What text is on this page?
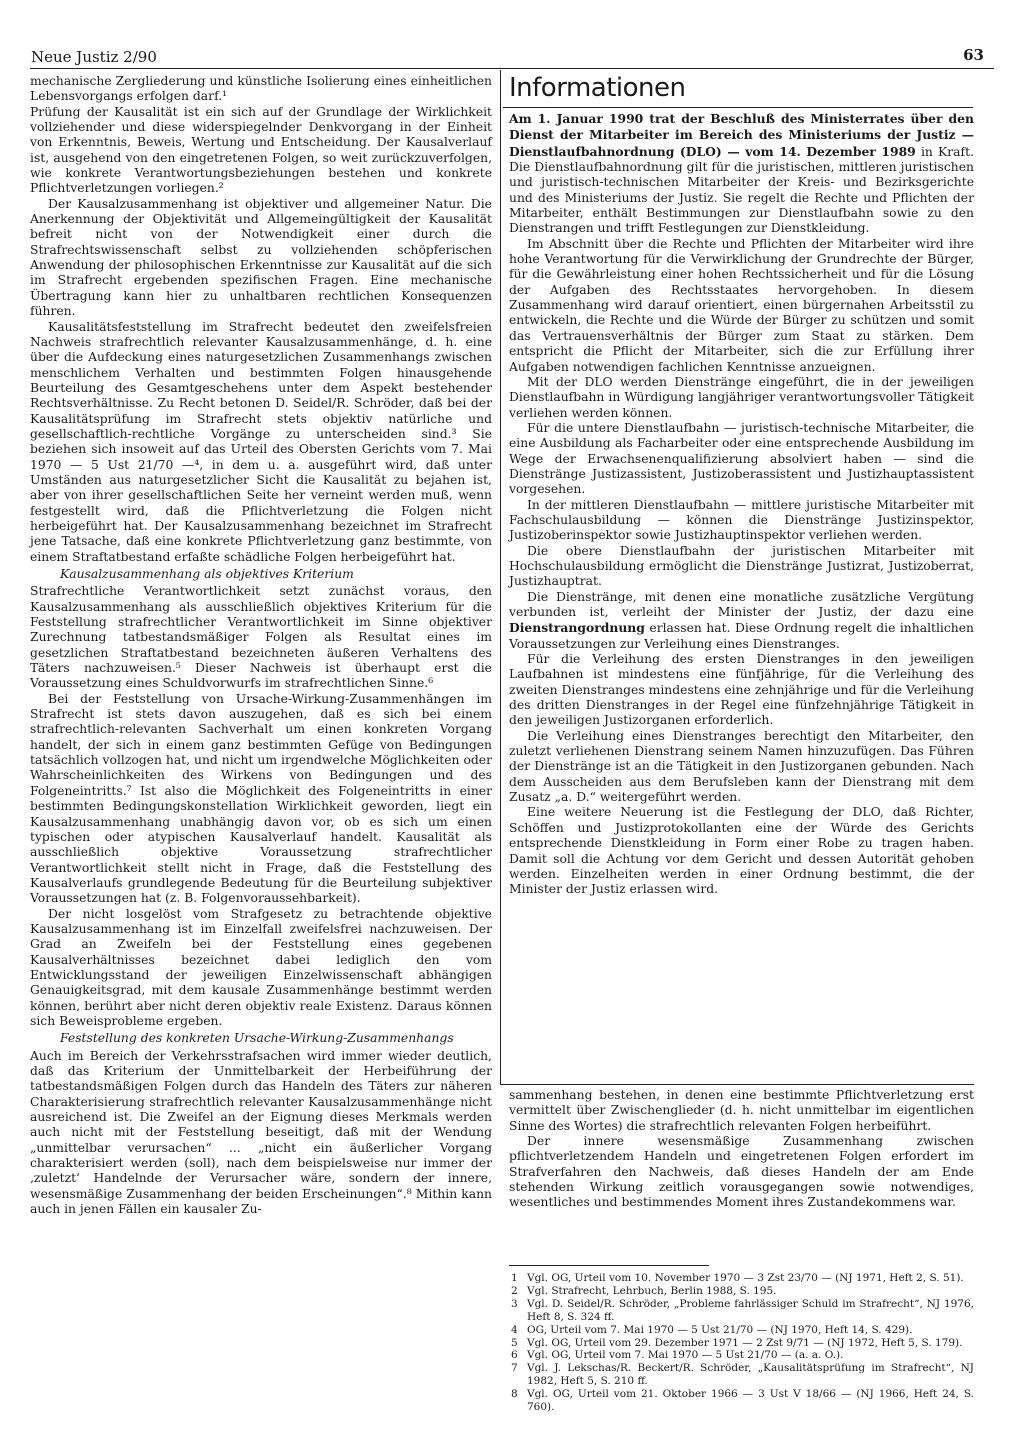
Neue Justiz 2/90	63

mechanische Zergliederung und künstliche Isolierung eines einheitlichen Lebensvorgangs erfolgen darf.¹

Prüfung der Kausalität ist ein sich auf der Grundlage der Wirklichkeit vollziehender und diese widerspiegelnder Denkvorgang in der Einheit von Erkenntnis, Beweis, Wertung und Entscheidung. Der Kausalverlauf ist, ausgehend von den eingetretenen Folgen, so weit zurückzuverfolgen, wie konkrete Verantwortungsbeziehungen bestehen und konkrete Pflichtverletzungen vorliegen.²

Der Kausalzusammenhang ist objektiver und allgemeiner Natur. Die Anerkennung der Objektivität und Allgemeingültigkeit der Kausalität befreit nicht von der Notwendigkeit einer durch die Strafrechtswissenschaft selbst zu vollziehenden schöpferischen Anwendung der philosophischen Erkenntnisse zur Kausalität auf die sich im Strafrecht ergebenden spezifischen Fragen. Eine mechanische Übertragung kann hier zu unhaltbaren rechtlichen Konsequenzen führen.

Kausalitätsfeststellung im Strafrecht bedeutet den zweifelsfreien Nachweis strafrechtlich relevanter Kausalzusammenhänge, d. h. eine über die Aufdeckung eines naturgesetzlichen Zusammenhangs zwischen menschlichem Verhalten und bestimmten Folgen hinausgehende Beurteilung des Gesamtgeschehens unter dem Aspekt bestehender Rechtsverhältnisse. Zu Recht betonen D. Seidel/R. Schröder, daß bei der Kausalitätsprüfung im Strafrecht stets objektiv natürliche und gesellschaftlich-rechtliche Vorgänge zu unterscheiden sind.³ Sie beziehen sich insoweit auf das Urteil des Obersten Gerichts vom 7. Mai 1970 — 5 Ust 21/70 —⁴, in dem u. a. ausgeführt wird, daß unter Umständen aus naturgesetzlicher Sicht die Kausalität zu bejahen ist, aber von ihrer gesellschaftlichen Seite her verneint werden muß, wenn festgestellt wird, daß die Pflichtverletzung die Folgen nicht herbeigeführt hat. Der Kausalzusammenhang bezeichnet im Strafrecht jene Tatsache, daß eine konkrete Pflichtverletzung ganz bestimmte, von einem Straftatbestand erfaßte schädliche Folgen herbeigeführt hat.

Kausalzusammenhang als objektives Kriterium

Strafrechtliche Verantwortlichkeit setzt zunächst voraus, den Kausalzusammenhang als ausschließlich objektives Kriterium für die Feststellung strafrechtlicher Verantwortlichkeit im Sinne objektiver Zurechnung tatbestandsmäßiger Folgen als Resultat eines im gesetzlichen Straftatbestand bezeichneten äußeren Verhaltens des Täters nachzuweisen.⁵ Dieser Nachweis ist überhaupt erst die Voraussetzung eines Schuldvorwurfs im strafrechtlichen Sinne.⁶

Bei der Feststellung von Ursache-Wirkung-Zusammenhängen im Strafrecht ist stets davon auszugehen, daß es sich bei einem strafrechtlich-relevanten Sachverhalt um einen konkreten Vorgang handelt, der sich in einem ganz bestimmten Gefüge von Bedingungen tatsächlich vollzogen hat, und nicht um irgendwelche Möglichkeiten oder Wahrscheinlichkeiten des Wirkens von Bedingungen und des Folgeneintritts.⁷ Ist also die Möglichkeit des Folgeneintritts in einer bestimmten Bedingungskonstellation Wirklichkeit geworden, liegt ein Kausalzusammenhang unabhängig davon vor, ob es sich um einen typischen oder atypischen Kausalverlauf handelt. Kausalität als ausschließlich objektive Voraussetzung strafrechtlicher Verantwortlichkeit stellt nicht in Frage, daß die Feststellung des Kausalverlaufs grundlegende Bedeutung für die Beurteilung subjektiver Voraussetzungen hat (z. B. Folgenvoraussehbarkeit).

Der nicht losgelöst vom Strafgesetz zu betrachtende objektive Kausalzusammenhang ist im Einzelfall zweifelsfrei nachzuweisen. Der Grad an Zweifeln bei der Feststellung eines gegebenen Kausalverhältnisses bezeichnet dabei lediglich den vom Entwicklungsstand der jeweiligen Einzelwissenschaft abhängigen Genauigkeitsgrad, mit dem kausale Zusammenhänge bestimmt werden können, berührt aber nicht deren objektiv reale Existenz. Daraus können sich Beweisprobleme ergeben.

Feststellung des konkreten Ursache-Wirkung-Zusammenhangs

Auch im Bereich der Verkehrsstrafsachen wird immer wieder deutlich, daß das Kriterium der Unmittelbarkeit der Herbeiführung der tatbestandsmäßigen Folgen durch das Handeln des Täters zur näheren Charakterisierung strafrechtlich relevanter Kausalzusammenhänge nicht ausreichend ist. Die Zweifel an der Eignung dieses Merkmals werden auch nicht mit der Feststellung beseitigt, daß mit der Wendung „unmittelbar verursachen“ ... „nicht ein äußerlicher Vorgang charakterisiert werden (soll), nach dem beispielsweise nur immer der ‚zuletzt‘ Handelnde der Verursacher wäre, sondern der innere, wesensmäßige Zusammenhang der beiden Erscheinungen“.⁸ Mithin kann auch in jenen Fällen ein kausaler Zu-

Informationen

Am 1. Januar 1990 trat der Beschluß des Ministerrates über den Dienst der Mitarbeiter im Bereich des Ministeriums der Justiz — Dienstlaufbahnordnung (DLO) — vom 14. Dezember 1989 in Kraft. Die Dienstlaufbahnordnung gilt für die juristischen, mittleren juristischen und juristisch-technischen Mitarbeiter der Kreis- und Bezirksgerichte und des Ministeriums der Justiz. Sie regelt die Rechte und Pflichten der Mitarbeiter, enthält Bestimmungen zur Dienstlaufbahn sowie zu den Dienstrangen und trifft Festlegungen zur Dienstkleidung.

Im Abschnitt über die Rechte und Pflichten der Mitarbeiter wird ihre hohe Verantwortung für die Verwirklichung der Grundrechte der Bürger, für die Gewährleistung einer hohen Rechtssicherheit und für die Lösung der Aufgaben des Rechtsstaates hervorgehoben. In diesem Zusammenhang wird darauf orientiert, einen bürgernahen Arbeitsstil zu entwickeln, die Rechte und die Würde der Bürger zu schützen und somit das Vertrauensverhältnis der Bürger zum Staat zu stärken. Dem entspricht die Pflicht der Mitarbeiter, sich die zur Erfüllung ihrer Aufgaben notwendigen fachlichen Kenntnisse anzueignen.

Mit der DLO werden Dienstränge eingeführt, die in der jeweiligen Dienstlaufbahn in Würdigung langjähriger verantwortungsvoller Tätigkeit verliehen werden können.

Für die untere Dienstlaufbahn — juristisch-technische Mitarbeiter, die eine Ausbildung als Facharbeiter oder eine entsprechende Ausbildung im Wege der Erwachsenenqualifizierung absolviert haben — sind die Dienstränge Justizassistent, Justizoberassistent und Justizhauptassistent vorgesehen.

In der mittleren Dienstlaufbahn — mittlere juristische Mitarbeiter mit Fachschulausbildung — können die Dienstränge Justizinspektor, Justizoberinspektor sowie Justizhauptinspektor verliehen werden.

Die obere Dienstlaufbahn der juristischen Mitarbeiter mit Hochschulausbildung ermöglicht die Dienstränge Justizrat, Justizoberrat, Justizhauptrat.

Die Dienstränge, mit denen eine monatliche zusätzliche Vergütung verbunden ist, verleiht der Minister der Justiz, der dazu eine Dienstrangordnung erlassen hat. Diese Ordnung regelt die inhaltlichen Voraussetzungen zur Verleihung eines Dienstranges.

Für die Verleihung des ersten Dienstranges in den jeweiligen Laufbahnen ist mindestens eine fünfjährige, für die Verleihung des zweiten Dienstranges mindestens eine zehnjährige und für die Verleihung des dritten Dienstranges in der Regel eine fünfzehnjährige Tätigkeit in den jeweiligen Justizorganen erforderlich.

Die Verleihung eines Dienstranges berechtigt den Mitarbeiter, den zuletzt verliehenen Dienstrang seinem Namen hinzuzufügen. Das Führen der Dienstränge ist an die Tätigkeit in den Justizorganen gebunden. Nach dem Ausscheiden aus dem Berufsleben kann der Dienstrang mit dem Zusatz „a. D.“ weitergeführt werden.

Eine weitere Neuerung ist die Festlegung der DLO, daß Richter, Schöffen und Justizprotokollanten eine der Würde des Gerichts entsprechende Dienstkleidung in Form einer Robe zu tragen haben. Damit soll die Achtung vor dem Gericht und dessen Autorität gehoben werden. Einzelheiten werden in einer Ordnung bestimmt, die der Minister der Justiz erlassen wird.

sammenhang bestehen, in denen eine bestimmte Pflichtverletzung erst vermittelt über Zwischenglieder (d. h. nicht unmittelbar im eigentlichen Sinne des Wortes) die strafrechtlich relevanten Folgen herbeiführt.

Der innere wesensmäßige Zusammenhang zwischen pflichtverletzendem Handeln und eingetretenen Folgen erfordert im Strafverfahren den Nachweis, daß dieses Handeln der am Ende stehenden Wirkung zeitlich vorausgegangen sowie notwendiges, wesentliches und bestimmendes Moment ihres Zustandekommens war.

1 Vgl. OG, Urteil vom 10. November 1970 — 3 Zst 23/70 — (NJ 1971, Heft 2, S. 51).
2 Vgl. Strafrecht, Lehrbuch, Berlin 1988, S. 195.
3 Vgl. D. Seidel/R. Schröder, „Probleme fahrlässiger Schuld im Strafrecht“, NJ 1976, Heft 8, S. 324 ff.
4 OG, Urteil vom 7. Mai 1970 — 5 Ust 21/70 — (NJ 1970, Heft 14, S. 429).
5 Vgl. OG, Urteil vom 29. Dezember 1971 — 2 Zst 9/71 — (NJ 1972, Heft 5, S. 179).
6 Vgl. OG, Urteil vom 7. Mai 1970 — 5 Ust 21/70 — (a. a. O.).
7 Vgl. J. Lekschas/R. Beckert/R. Schröder, „Kausalitätsprüfung im Strafrecht“, NJ 1982, Heft 5, S. 210 ff.
8 Vgl. OG, Urteil vom 21. Oktober 1966 — 3 Ust V 18/66 — (NJ 1966, Heft 24, S. 760).
